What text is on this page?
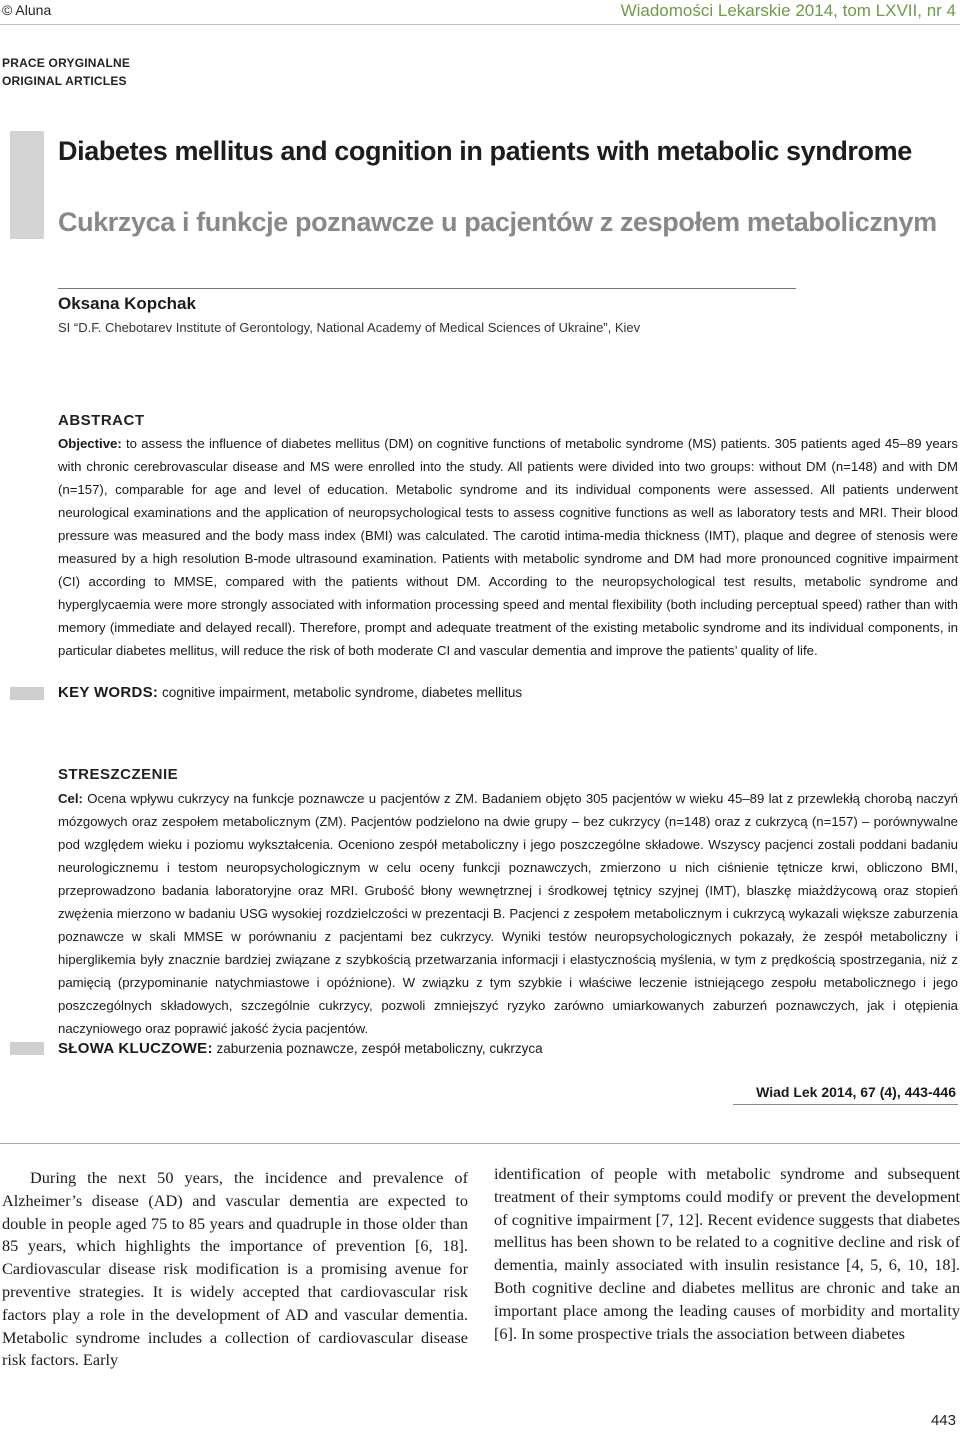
© Aluna	Wiadomości Lekarskie 2014, tom LXVII, nr 4
PRACE ORYGINALNE
ORIGINAL ARTICLES
Diabetes mellitus and cognition in patients with metabolic syndrome
Cukrzyca i funkcje poznawcze u pacjentów z zespołem metabolicznym
Oksana Kopchak
SI “D.F. Chebotarev Institute of Gerontology, National Academy of Medical Sciences of Ukraine”, Kiev
ABSTRACT
Objective: to assess the influence of diabetes mellitus (DM) on cognitive functions of metabolic syndrome (MS) patients. 305 patients aged 45–89 years with chronic cerebrovascular disease and MS were enrolled into the study. All patients were divided into two groups: without DM (n=148) and with DM (n=157), comparable for age and level of education. Metabolic syndrome and its individual components were assessed. All patients underwent neurological examinations and the application of neuropsychological tests to assess cognitive functions as well as laboratory tests and MRI. Their blood pressure was measured and the body mass index (BMI) was calculated. The carotid intima-media thickness (IMT), plaque and degree of stenosis were measured by a high resolution B-mode ultrasound examination. Patients with metabolic syndrome and DM had more pronounced cognitive impairment (CI) according to MMSE, compared with the patients without DM. According to the neuropsychological test results, metabolic syndrome and hyperglycaemia were more strongly associated with information processing speed and mental flexibility (both including perceptual speed) rather than with memory (immediate and delayed recall). Therefore, prompt and adequate treatment of the existing metabolic syndrome and its individual components, in particular diabetes mellitus, will reduce the risk of both moderate CI and vascular dementia and improve the patients’ quality of life.
KEY WORDS: cognitive impairment, metabolic syndrome, diabetes mellitus
STRESZCZENIE
Cel: Ocena wpływu cukrzycy na funkcje poznawcze u pacjentów z ZM. Badaniem objęto 305 pacjentów w wieku 45–89 lat z przewlekłą chorobą naczyń mózgowych oraz zespołem metabolicznym (ZM). Pacjentów podzielono na dwie grupy – bez cukrzycy (n=148) oraz z cukrzycą (n=157) – porównywalne pod względem wieku i poziomu wykształcenia. Oceniono zespół metaboliczny i jego poszczególne składowe. Wszyscy pacjenci zostali poddani badaniu neurologicznemu i testom neuropsychologicznym w celu oceny funkcji poznawczych, zmierzono u nich ciśnienie tętnicze krwi, obliczono BMI, przeprowadzono badania laboratoryjne oraz MRI. Grubość błony wewnętrznej i środkowej tętnicy szyjnej (IMT), blaszkę miażdżycową oraz stopień zwężenia mierzono w badaniu USG wysokiej rozdzielczości w prezentacji B. Pacjenci z zespołem metabolicznym i cukrzycą wykazali większe zaburzenia poznawcze w skali MMSE w porównaniu z pacjentami bez cukrzycy. Wyniki testów neuropsychologicznych pokazały, że zespół metaboliczny i hiperglikemia były znacznie bardziej związane z szybkością przetwarzania informacji i elastycznością myślenia, w tym z prędkością spostrzegania, niż z pamięcią (przypominanie natychmiastowe i opóźnione). W związku z tym szybkie i właściwe leczenie istniejącego zespołu metabolicznego i jego poszczególnych składowych, szczególnie cukrzycy, pozwoli zmniejszyć ryzyko zarówno umiarkowanych zaburzeń poznawczych, jak i otępienia naczyniowego oraz poprawić jakość życia pacjentów.
SŁOWA KLUCZOWE: zaburzenia poznawcze, zespół metaboliczny, cukrzyca
Wiad Lek 2014, 67 (4), 443-446
During the next 50 years, the incidence and prevalence of Alzheimer’s disease (AD) and vascular dementia are expected to double in people aged 75 to 85 years and quadruple in those older than 85 years, which highlights the importance of prevention [6, 18]. Cardiovascular disease risk modification is a promising avenue for preventive strategies. It is widely accepted that cardiovascular risk factors play a role in the development of AD and vascular dementia. Metabolic syndrome includes a collection of cardiovascular disease risk factors. Early
identification of people with metabolic syndrome and subsequent treatment of their symptoms could modify or prevent the development of cognitive impairment [7, 12]. Recent evidence suggests that diabetes mellitus has been shown to be related to a cognitive decline and risk of dementia, mainly associated with insulin resistance [4, 5, 6, 10, 18]. Both cognitive decline and diabetes mellitus are chronic and take an important place among the leading causes of morbidity and mortality [6]. In some prospective trials the association between diabetes
443
